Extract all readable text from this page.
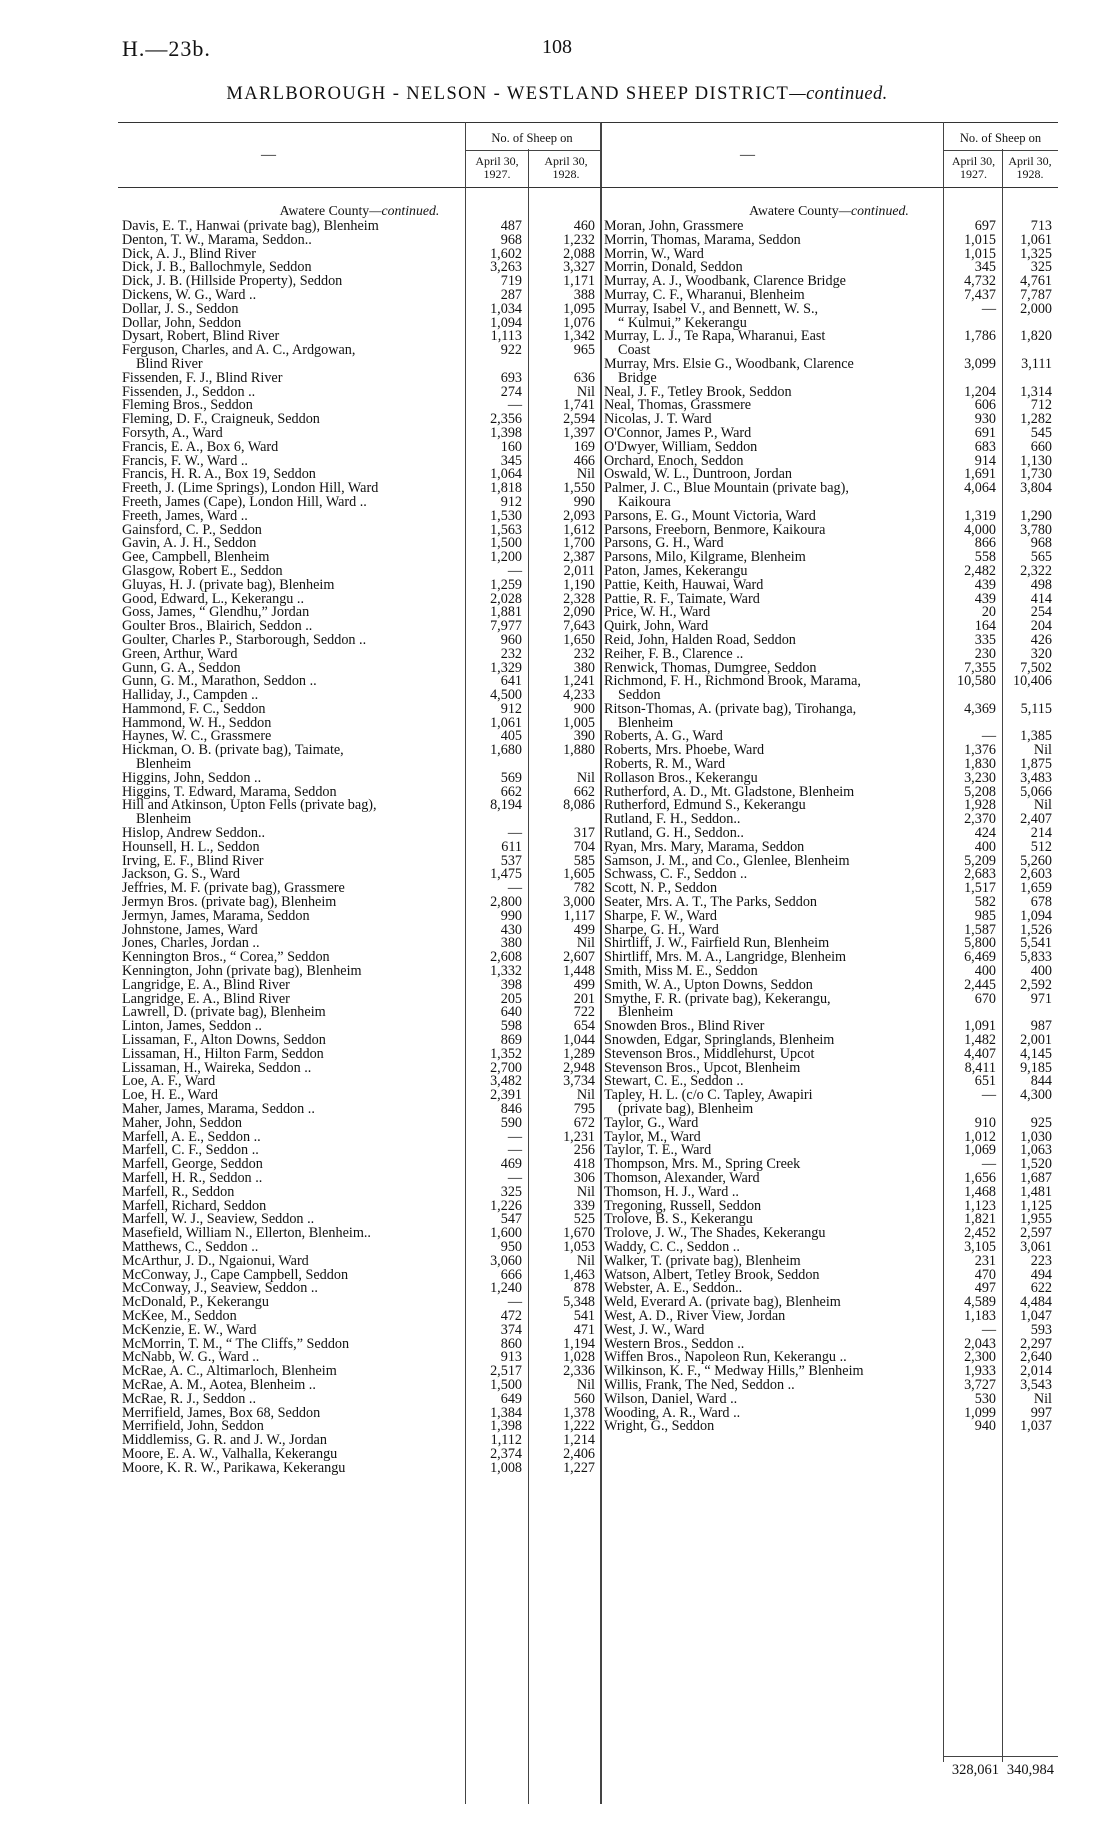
H.—23b.	108
MARLBOROUGH - NELSON - WESTLAND SHEEP DISTRICT—continued.
—
No. of Sheep on
April 30, 1927.
April 30, 1928.
Awatere County—continued.
Davis, E. T., Hanwai (private bag), Blenheim	487	460
Denton, T. W., Marama, Seddon..	968	1,232
Dick, A. J., Blind River	1,602	2,088
Dick, J. B., Ballochmyle, Seddon	3,263	3,327
Dick, J. B. (Hillside Property), Seddon	719	1,171
Dickens, W. G., Ward ..	287	388
Dollar, J. S., Seddon	1,034	1,095
Dollar, John, Seddon	1,094	1,076
Dysart, Robert, Blind River	1,113	1,342
Ferguson, Charles, and A. C., Ardgowan,
Blind River
922	965
Fissenden, F. J., Blind River	693	636
Fissenden, J., Seddon ..	274	Nil
Fleming Bros., Seddon	—	1,741
Fleming, D. F., Craigneuk, Seddon	2,356	2,594
Forsyth, A., Ward	1,398	1,397
Francis, E. A., Box 6, Ward	160	169
Francis, F. W., Ward ..	345	466
Francis, H. R. A., Box 19, Seddon	1,064	Nil
Freeth, J. (Lime Springs), London Hill, Ward	1,818	1,550
Freeth, James (Cape), London Hill, Ward ..	912	990
Freeth, James, Ward ..	1,530	2,093
Gainsford, C. P., Seddon	1,563	1,612
Gavin, A. J. H., Seddon	1,500	1,700
Gee, Campbell, Blenheim	1,200	2,387
Glasgow, Robert E., Seddon	—	2,011
Gluyas, H. J. (private bag), Blenheim	1,259	1,190
Good, Edward, L., Kekerangu ..	2,028	2,328
Goss, James, “ Glendhu,” Jordan	1,881	2,090
Goulter Bros., Blairich, Seddon ..	7,977	7,643
Goulter, Charles P., Starborough, Seddon ..	960	1,650
Green, Arthur, Ward	232	232
Gunn, G. A., Seddon	1,329	380
Gunn, G. M., Marathon, Seddon ..	641	1,241
Halliday, J., Campden ..	4,500	4,233
Hammond, F. C., Seddon	912	900
Hammond, W. H., Seddon	1,061	1,005
Haynes, W. C., Grassmere	405	390
Hickman, O. B. (private bag), Taimate,
Blenheim
1,680	1,880
Higgins, John, Seddon ..	569	Nil
Higgins, T. Edward, Marama, Seddon	662	662
Hill and Atkinson, Upton Fells (private bag),
Blenheim
8,194	8,086
Hislop, Andrew Seddon..	—	317
Hounsell, H. L., Seddon	611	704
Irving, E. F., Blind River	537	585
Jackson, G. S., Ward	1,475	1,605
Jeffries, M. F. (private bag), Grassmere	—	782
Jermyn Bros. (private bag), Blenheim	2,800	3,000
Jermyn, James, Marama, Seddon	990	1,117
Johnstone, James, Ward	430	499
Jones, Charles, Jordan ..	380	Nil
Kennington Bros., “ Corea,” Seddon	2,608	2,607
Kennington, John (private bag), Blenheim	1,332	1,448
Langridge, E. A., Blind River	398	499
Langridge, E. A., Blind River	205	201
Lawrell, D. (private bag), Blenheim	640	722
Linton, James, Seddon ..	598	654
Lissaman, F., Alton Downs, Seddon	869	1,044
Lissaman, H., Hilton Farm, Seddon	1,352	1,289
Lissaman, H., Waireka, Seddon ..	2,700	2,948
Loe, A. F., Ward	3,482	3,734
Loe, H. E., Ward	2,391	Nil
Maher, James, Marama, Seddon ..	846	795
Maher, John, Seddon	590	672
Marfell, A. E., Seddon ..	—	1,231
Marfell, C. F., Seddon ..	—	256
Marfell, George, Seddon	469	418
Marfell, H. R., Seddon ..	—	306
Marfell, R., Seddon	325	Nil
Marfell, Richard, Seddon	1,226	339
Marfell, W. J., Seaview, Seddon ..	547	525
Masefield, William N., Ellerton, Blenheim..	1,600	1,670
Matthews, C., Seddon ..	950	1,053
McArthur, J. D., Ngaionui, Ward	3,060	Nil
McConway, J., Cape Campbell, Seddon	666	1,463
McConway, J., Seaview, Seddon ..	1,240	878
McDonald, P., Kekerangu	—	5,348
McKee, M., Seddon	472	541
McKenzie, E. W., Ward	374	471
McMorrin, T. M., “ The Cliffs,” Seddon	860	1,194
McNabb, W. G., Ward ..	913	1,028
McRae, A. C., Altimarloch, Blenheim	2,517	2,336
McRae, A. M., Aotea, Blenheim ..	1,500	Nil
McRae, R. J., Seddon ..	649	560
Merrifield, James, Box 68, Seddon	1,384	1,378
Merrifield, John, Seddon	1,398	1,222
Middlemiss, G. R. and J. W., Jordan	1,112	1,214
Moore, E. A. W., Valhalla, Kekerangu	2,374	2,406
Moore, K. R. W., Parikawa, Kekerangu	1,008	1,227
—
No. of Sheep on
April 30, 1927.
April 30, 1928.
Awatere County—continued.
Moran, John, Grassmere	697	713
Morrin, Thomas, Marama, Seddon	1,015	1,061
Morrin, W., Ward	1,015	1,325
Morrin, Donald, Seddon	345	325
Murray, A. J., Woodbank, Clarence Bridge	4,732	4,761
Murray, C. F., Wharanui, Blenheim	7,437	7,787
Murray, Isabel V., and Bennett, W. S.,
“ Kulmui,” Kekerangu
—	2,000
Murray, L. J., Te Rapa, Wharanui, East
Coast
1,786	1,820
Murray, Mrs. Elsie G., Woodbank, Clarence
Bridge
3,099	3,111
Neal, J. F., Tetley Brook, Seddon	1,204	1,314
Neal, Thomas, Grassmere	606	712
Nicolas, J. T. Ward	930	1,282
O'Connor, James P., Ward	691	545
O'Dwyer, William, Seddon	683	660
Orchard, Enoch, Seddon	914	1,130
Oswald, W. L., Duntroon, Jordan	1,691	1,730
Palmer, J. C., Blue Mountain (private bag),
Kaikoura
4,064	3,804
Parsons, E. G., Mount Victoria, Ward	1,319	1,290
Parsons, Freeborn, Benmore, Kaikoura	4,000	3,780
Parsons, G. H., Ward	866	968
Parsons, Milo, Kilgrame, Blenheim	558	565
Paton, James, Kekerangu	2,482	2,322
Pattie, Keith, Hauwai, Ward	439	498
Pattie, R. F., Taimate, Ward	439	414
Price, W. H., Ward	20	254
Quirk, John, Ward	164	204
Reid, John, Halden Road, Seddon	335	426
Reiher, F. B., Clarence ..	230	320
Renwick, Thomas, Dumgree, Seddon	7,355	7,502
Richmond, F. H., Richmond Brook, Marama,
Seddon
10,580	10,406
Ritson-Thomas, A. (private bag), Tirohanga,
Blenheim
4,369	5,115
Roberts, A. G., Ward	—	1,385
Roberts, Mrs. Phoebe, Ward	1,376	Nil
Roberts, R. M., Ward	1,830	1,875
Rollason Bros., Kekerangu	3,230	3,483
Rutherford, A. D., Mt. Gladstone, Blenheim	5,208	5,066
Rutherford, Edmund S., Kekerangu	1,928	Nil
Rutland, F. H., Seddon..	2,370	2,407
Rutland, G. H., Seddon..	424	214
Ryan, Mrs. Mary, Marama, Seddon	400	512
Samson, J. M., and Co., Glenlee, Blenheim	5,209	5,260
Schwass, C. F., Seddon ..	2,683	2,603
Scott, N. P., Seddon	1,517	1,659
Seater, Mrs. A. T., The Parks, Seddon	582	678
Sharpe, F. W., Ward	985	1,094
Sharpe, G. H., Ward	1,587	1,526
Shirtliff, J. W., Fairfield Run, Blenheim	5,800	5,541
Shirtliff, Mrs. M. A., Langridge, Blenheim	6,469	5,833
Smith, Miss M. E., Seddon	400	400
Smith, W. A., Upton Downs, Seddon	2,445	2,592
Smythe, F. R. (private bag), Kekerangu,
Blenheim
670	971
Snowden Bros., Blind River	1,091	987
Snowden, Edgar, Springlands, Blenheim	1,482	2,001
Stevenson Bros., Middlehurst, Upcot	4,407	4,145
Stevenson Bros., Upcot, Blenheim	8,411	9,185
Stewart, C. E., Seddon ..	651	844
Tapley, H. L. (c/o C. Tapley, Awapiri
(private bag), Blenheim
—	4,300
Taylor, G., Ward	910	925
Taylor, M., Ward	1,012	1,030
Taylor, T. E., Ward	1,069	1,063
Thompson, Mrs. M., Spring Creek	—	1,520
Thomson, Alexander, Ward	1,656	1,687
Thomson, H. J., Ward ..	1,468	1,481
Tregoning, Russell, Seddon	1,123	1,125
Trolove, B. S., Kekerangu	1,821	1,955
Trolove, J. W., The Shades, Kekerangu	2,452	2,597
Waddy, C. C., Seddon ..	3,105	3,061
Walker, T. (private bag), Blenheim	231	223
Watson, Albert, Tetley Brook, Seddon	470	494
Webster, A. E., Seddon..	497	622
Weld, Everard A. (private bag), Blenheim	4,589	4,484
West, A. D., River View, Jordan	1,183	1,047
West, J. W., Ward	—	593
Western Bros., Seddon ..	2,043	2,297
Wiffen Bros., Napoleon Run, Kekerangu ..	2,300	2,640
Wilkinson, K. F., “ Medway Hills,” Blenheim	1,933	2,014
Willis, Frank, The Ned, Seddon ..	3,727	3,543
Wilson, Daniel, Ward ..	530	Nil
Wooding, A. R., Ward ..	1,099	997
Wright, G., Seddon	940	1,037
328,061 340,984
